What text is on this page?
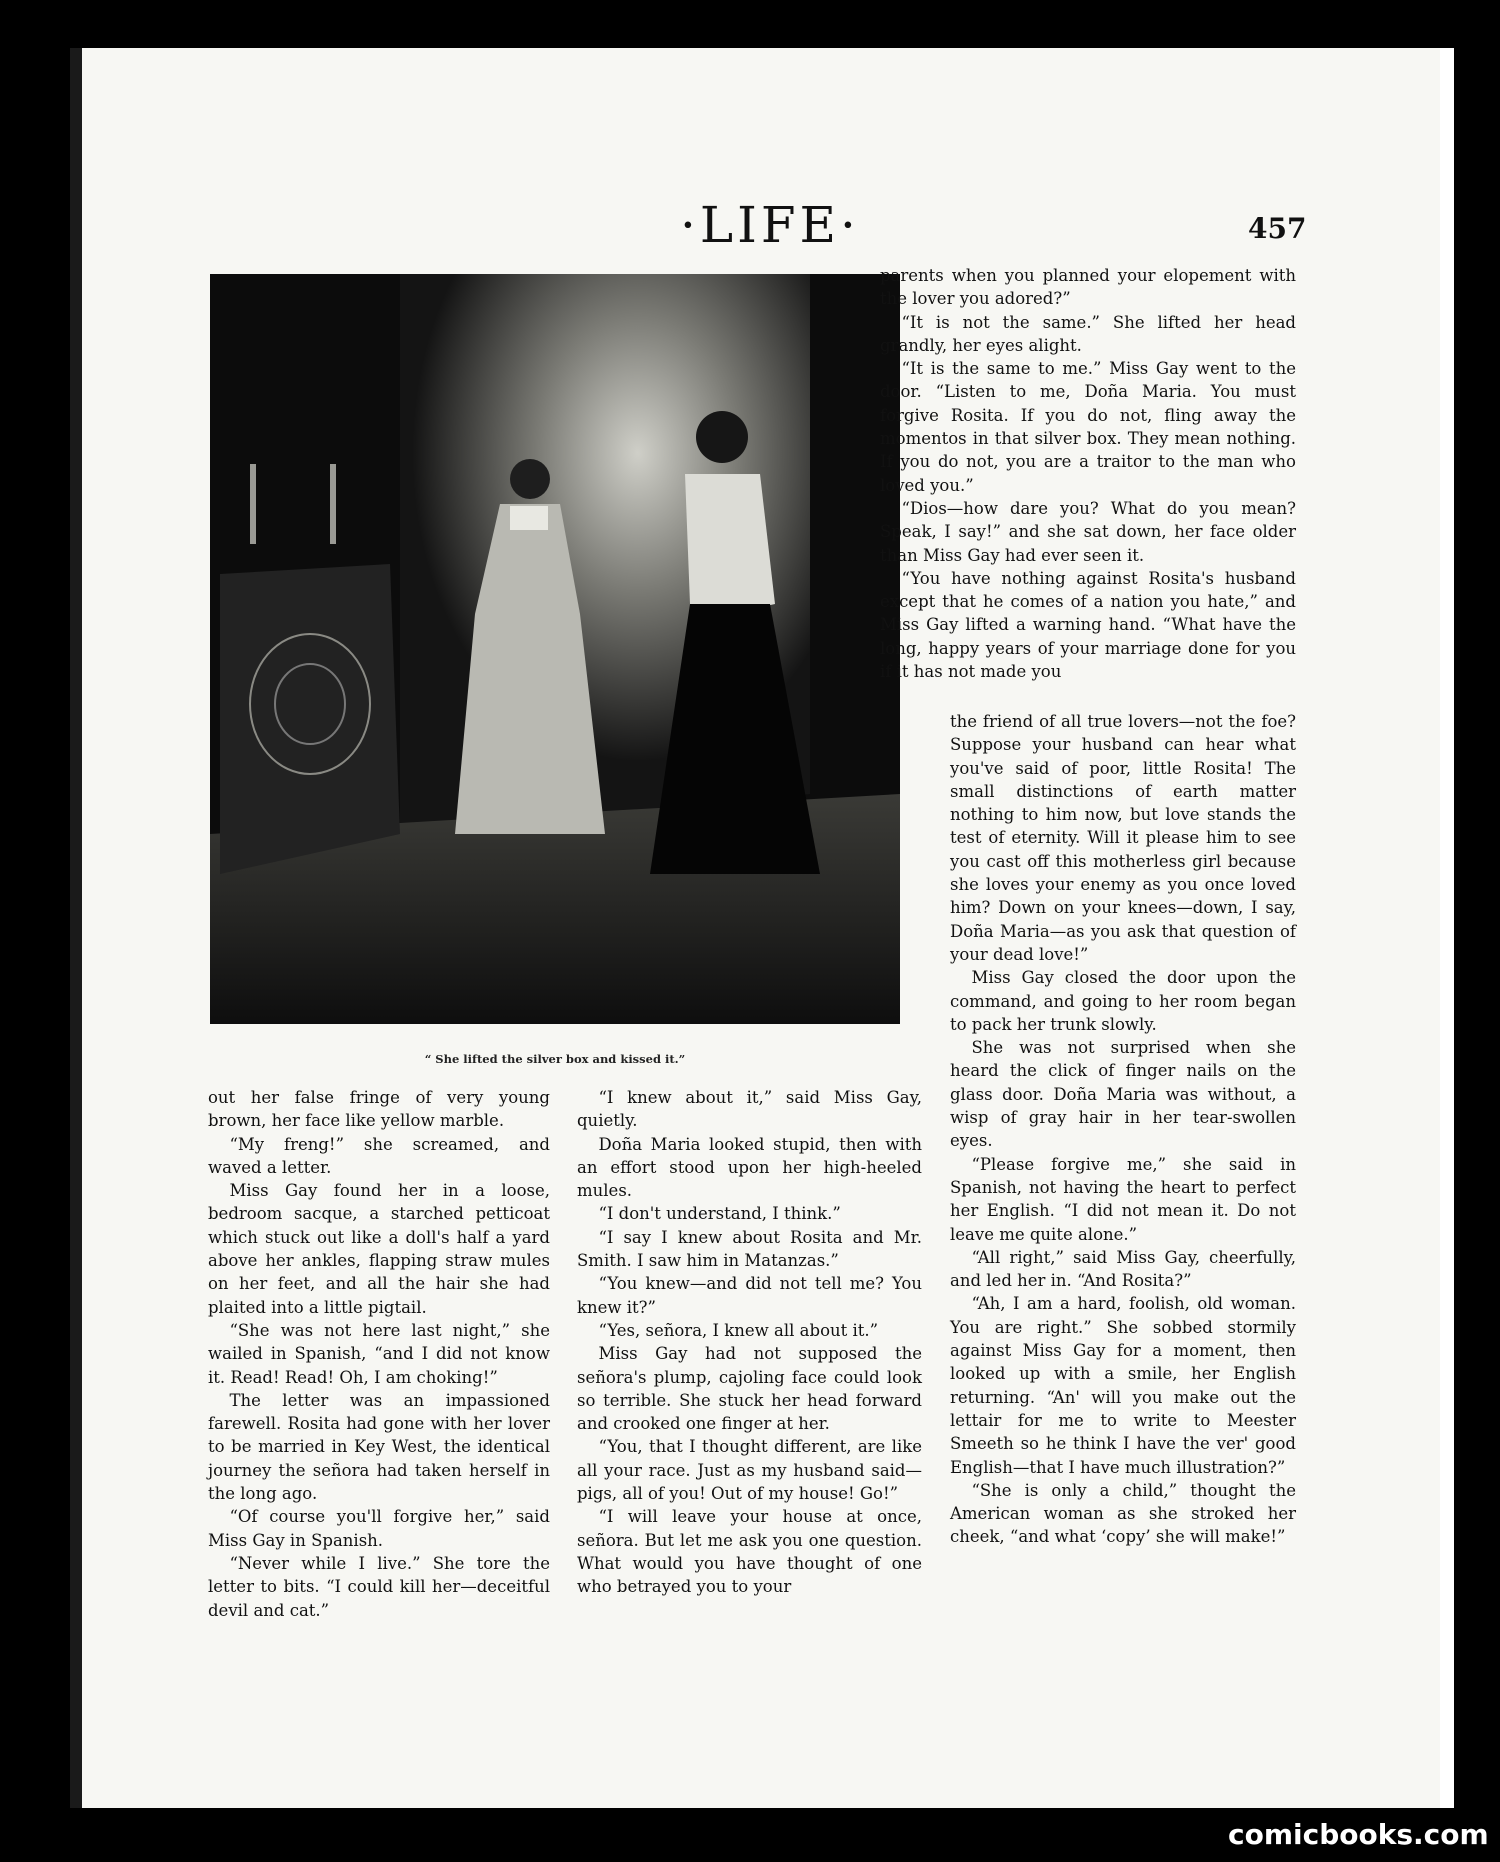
·LIFE·	457
“ She lifted the silver box and kissed it.”

out her false fringe of very young brown, her face like yellow marble.

“My freng!” she screamed, and waved a letter.

Miss Gay found her in a loose, bedroom sacque, a starched petticoat which stuck out like a doll's half a yard above her ankles, flapping straw mules on her feet, and all the hair she had plaited into a little pigtail.

“She was not here last night,” she wailed in Spanish, “and I did not know it. Read! Read! Oh, I am choking!”

The letter was an impassioned farewell. Rosita had gone with her lover to be married in Key West, the identical journey the señora had taken herself in the long ago.

“Of course you'll forgive her,” said Miss Gay in Spanish.

“Never while I live.” She tore the letter to bits. “I could kill her—deceitful devil and cat.”

“I knew about it,” said Miss Gay, quietly.

Doña Maria looked stupid, then with an effort stood upon her high-heeled mules.

“I don't understand, I think.”

“I say I knew about Rosita and Mr. Smith. I saw him in Matanzas.”

“You knew—and did not tell me? You knew it?”

“Yes, señora, I knew all about it.”

Miss Gay had not supposed the señora's plump, cajoling face could look so terrible. She stuck her head forward and crooked one finger at her.

“You, that I thought different, are like all your race. Just as my husband said—pigs, all of you! Out of my house! Go!”

“I will leave your house at once, señora. But let me ask you one question. What would you have thought of one who betrayed you to your

parents when you planned your elopement with the lover you adored?”

“It is not the same.” She lifted her head grandly, her eyes alight.

“It is the same to me.” Miss Gay went to the door. “Listen to me, Doña Maria. You must forgive Rosita. If you do not, fling away the momentos in that silver box. They mean nothing. If you do not, you are a traitor to the man who loved you.”

“Dios—how dare you? What do you mean? Speak, I say!” and she sat down, her face older than Miss Gay had ever seen it.

“You have nothing against Rosita's husband except that he comes of a nation you hate,” and Miss Gay lifted a warning hand. “What have the long, happy years of your marriage done for you if it has not made you

the friend of all true lovers—not the foe? Suppose your husband can hear what you've said of poor, little Rosita! The small distinctions of earth matter nothing to him now, but love stands the test of eternity. Will it please him to see you cast off this motherless girl because she loves your enemy as you once loved him? Down on your knees—down, I say, Doña Maria—as you ask that question of your dead love!”

Miss Gay closed the door upon the command, and going to her room began to pack her trunk slowly.

She was not surprised when she heard the click of finger nails on the glass door. Doña Maria was without, a wisp of gray hair in her tear-swollen eyes.

“Please forgive me,” she said in Spanish, not having the heart to perfect her English. “I did not mean it. Do not leave me quite alone.”

“All right,” said Miss Gay, cheerfully, and led her in. “And Rosita?”

“Ah, I am a hard, foolish, old woman. You are right.” She sobbed stormily against Miss Gay for a moment, then looked up with a smile, her English returning. “An' will you make out the lettair for me to write to Meester Smeeth so he think I have the ver' good English—that I have much illustration?”

“She is only a child,” thought the American woman as she stroked her cheek, “and what ‘copy’ she will make!”

comicbooks.com
